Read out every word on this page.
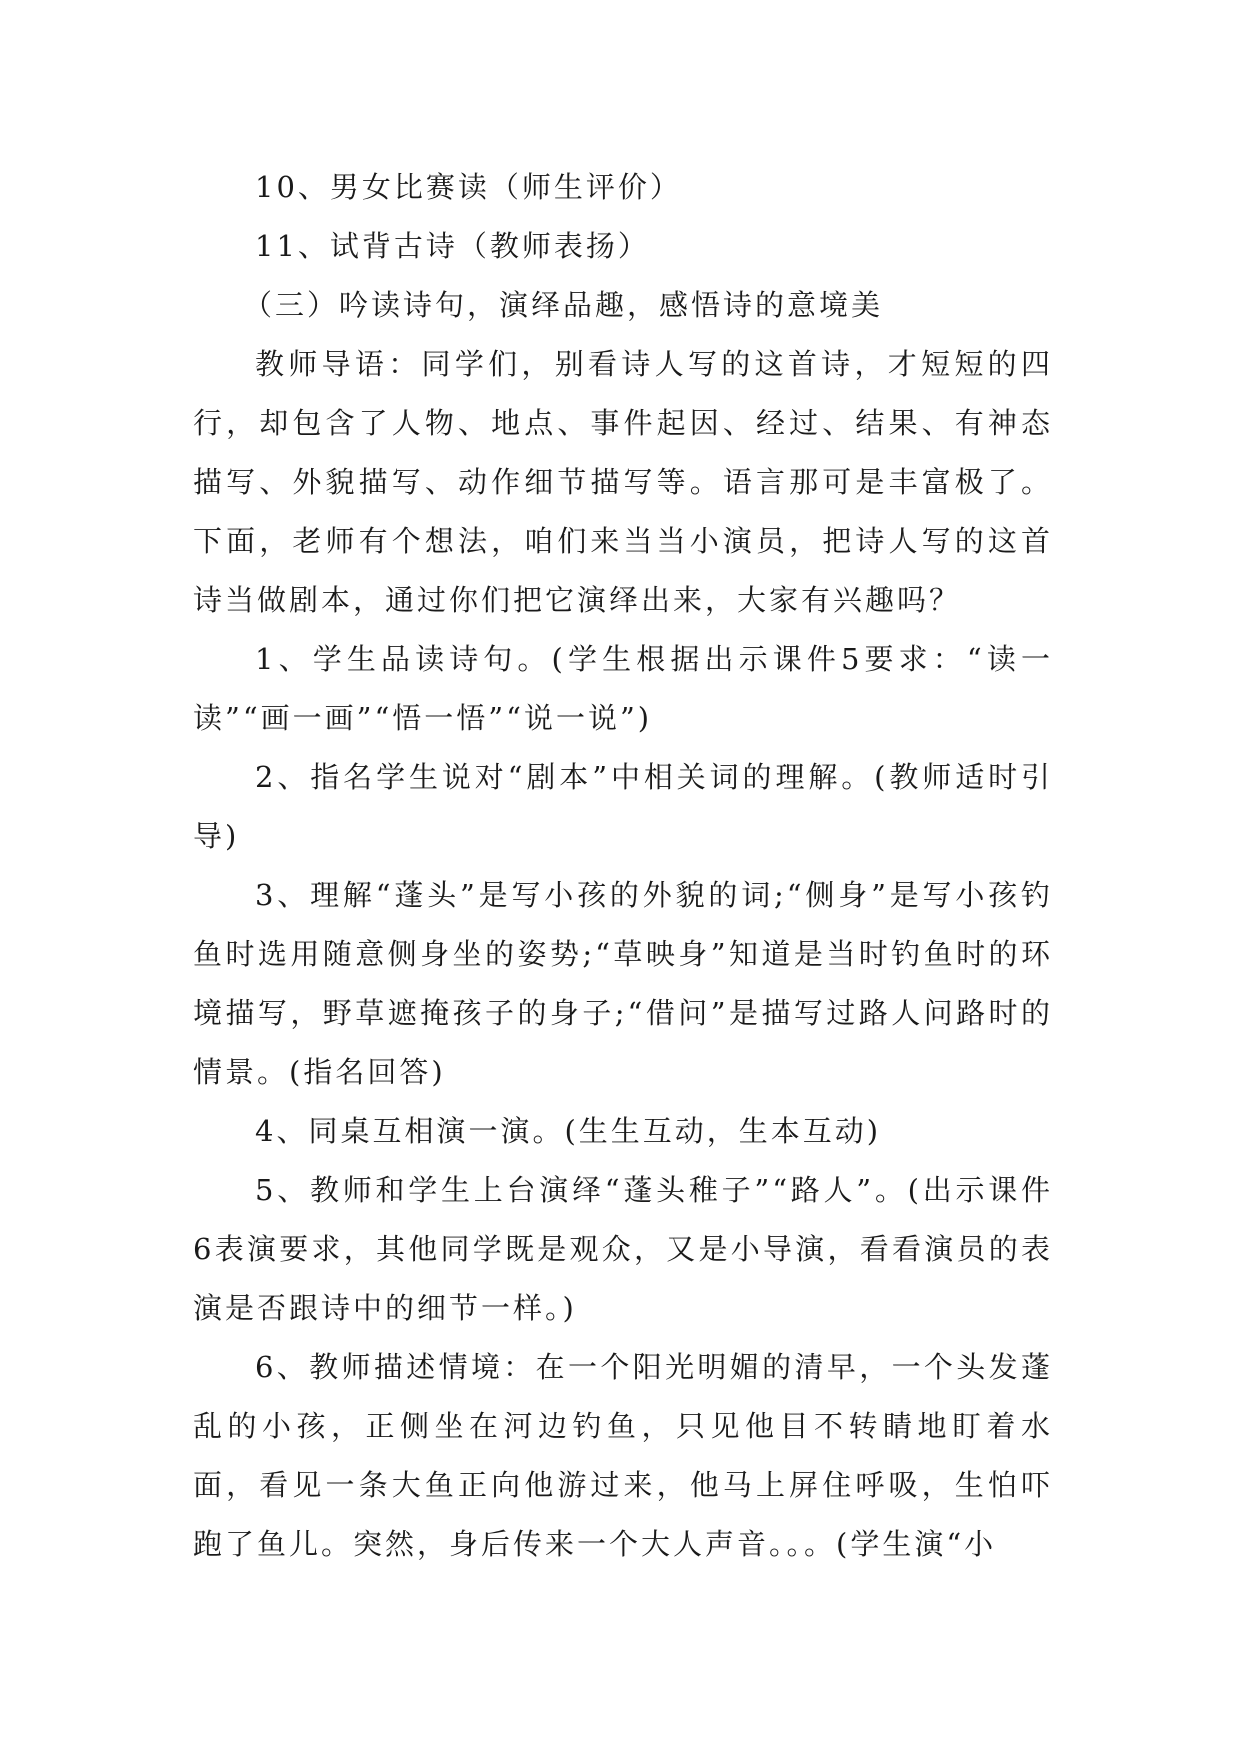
10、男女比赛读（师生评价）

11、试背古诗（教师表扬）

（三）吟读诗句，演绎品趣，感悟诗的意境美

教师导语：同学们，别看诗人写的这首诗，才短短的四行，却包含了人物、地点、事件起因、经过、结果、有神态描写、外貌描写、动作细节描写等。语言那可是丰富极了。下面，老师有个想法，咱们来当当小演员，把诗人写的这首诗当做剧本，通过你们把它演绎出来，大家有兴趣吗？

1、学生品读诗句。(学生根据出示课件5要求：“读一读”“画一画”“悟一悟”“说一说”)

2、指名学生说对“剧本”中相关词的理解。(教师适时引导)

3、理解“蓬头”是写小孩的外貌的词;“侧身”是写小孩钓鱼时选用随意侧身坐的姿势;“草映身”知道是当时钓鱼时的环境描写，野草遮掩孩子的身子;“借问”是描写过路人问路时的情景。(指名回答)

4、同桌互相演一演。(生生互动，生本互动)

5、教师和学生上台演绎“蓬头稚子”“路人”。(出示课件6表演要求，其他同学既是观众，又是小导演，看看演员的表演是否跟诗中的细节一样。)

6、教师描述情境：在一个阳光明媚的清早，一个头发蓬乱的小孩，正侧坐在河边钓鱼，只见他目不转睛地盯着水面，看见一条大鱼正向他游过来，他马上屏住呼吸，生怕吓跑了鱼儿。突然，身后传来一个大人声音。。。(学生演“小
